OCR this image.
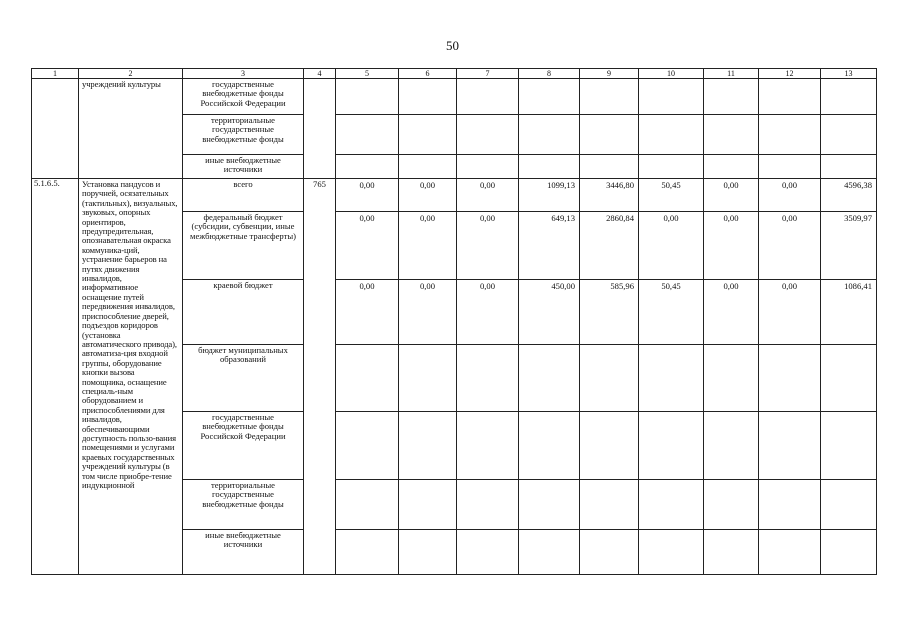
50
1	2	3	4	5	6	7	8	9	10	11	12	13
	учреждений культуры	государственные внебюджетные фонды Российской Федерации										
		территориальные государственные внебюджетные фонды										
		иные внебюджетные источники										
5.1.6.5.	Установка пандусов и поручней, осязательных (тактильных), визуальных, звуковых, опорных ориентиров, предупредительная, опознавательная окраска коммуника-ций, устранение барьеров на путях движения инвалидов, информативное оснащение путей передвижения инвалидов, приспособление дверей, подъездов коридоров (установка автоматического привода), автоматиза-ция входной группы, оборудование кнопки вызова помощника, оснащение специаль-ным оборудованием и приспособлениями для инвалидов, обеспечивающими доступность пользо-вания помещениями и услугами краевых государственных учреждений культуры (в том числе приобре-тение индукционной	всего	765	0,00	0,00	0,00	1099,13	3446,80	50,45	0,00	0,00	4596,38
		федеральный бюджет (субсидии, субвенции, иные межбюджетные трансферты)		0,00	0,00	0,00	649,13	2860,84	0,00	0,00	0,00	3509,97
		краевой бюджет		0,00	0,00	0,00	450,00	585,96	50,45	0,00	0,00	1086,41
		бюджет муниципальных образований										
		государственные внебюджетные фонды Российской Федерации										
		территориальные государственные внебюджетные фонды										
		иные внебюджетные источники										
